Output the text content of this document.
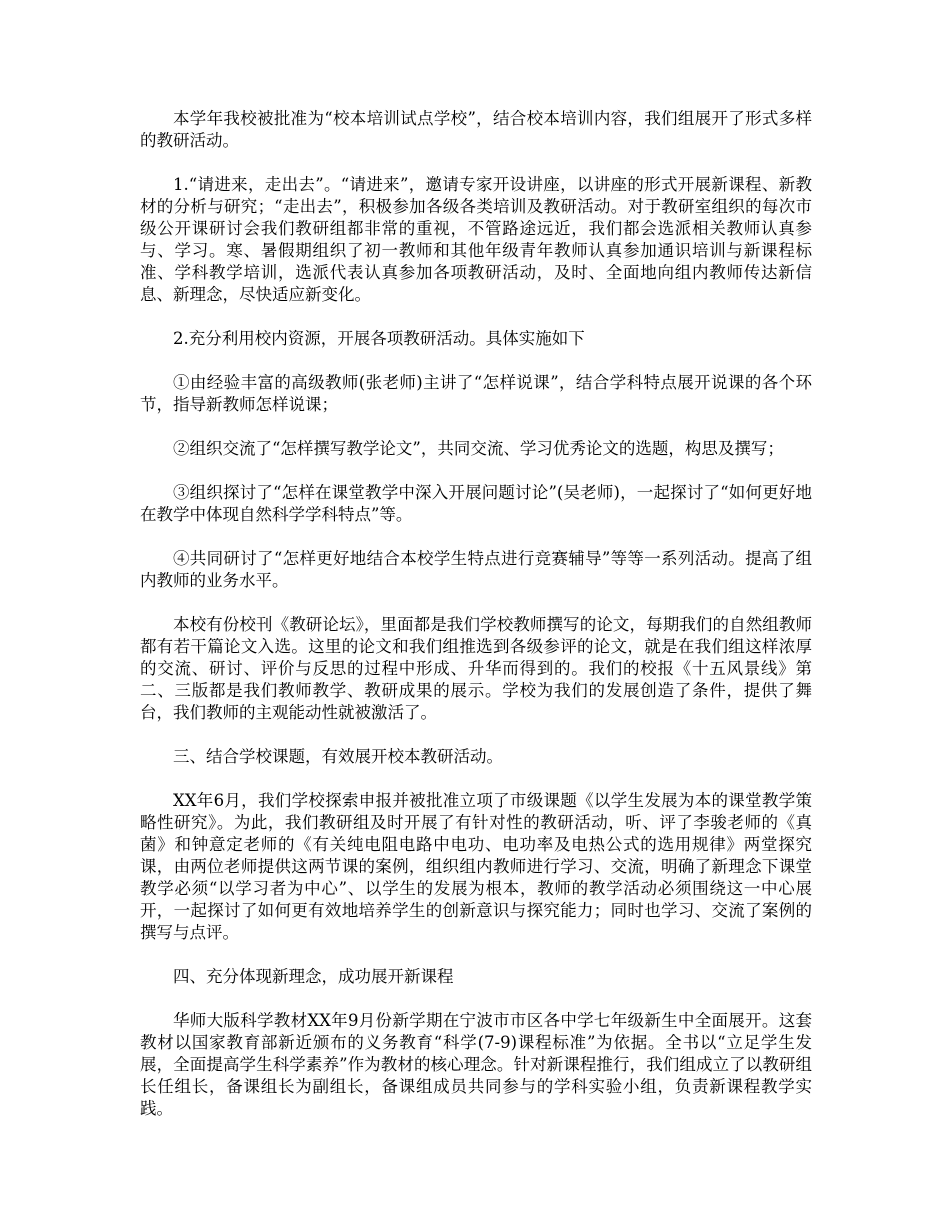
本学年我校被批准为“校本培训试点学校”，结合校本培训内容，我们组展开了形式多样的教研活动。

1.“请进来，走出去”。“请进来”，邀请专家开设讲座，以讲座的形式开展新课程、新教材的分析与研究；“走出去”，积极参加各级各类培训及教研活动。对于教研室组织的每次市级公开课研讨会我们教研组都非常的重视，不管路途远近，我们都会选派相关教师认真参与、学习。寒、暑假期组织了初一教师和其他年级青年教师认真参加通识培训与新课程标准、学科教学培训，选派代表认真参加各项教研活动，及时、全面地向组内教师传达新信息、新理念，尽快适应新变化。

2.充分利用校内资源，开展各项教研活动。具体实施如下

①由经验丰富的高级教师(张老师)主讲了“怎样说课”，结合学科特点展开说课的各个环节，指导新教师怎样说课；

②组织交流了“怎样撰写教学论文”，共同交流、学习优秀论文的选题，构思及撰写；

③组织探讨了“怎样在课堂教学中深入开展问题讨论”(吴老师)，一起探讨了“如何更好地在教学中体现自然科学学科特点”等。

④共同研讨了“怎样更好地结合本校学生特点进行竞赛辅导”等等一系列活动。提高了组内教师的业务水平。

本校有份校刊《教研论坛》，里面都是我们学校教师撰写的论文，每期我们的自然组教师都有若干篇论文入选。这里的论文和我们组推选到各级参评的论文，就是在我们组这样浓厚的交流、研讨、评价与反思的过程中形成、升华而得到的。我们的校报《十五风景线》第二、三版都是我们教师教学、教研成果的展示。学校为我们的发展创造了条件，提供了舞台，我们教师的主观能动性就被激活了。

三、结合学校课题，有效展开校本教研活动。

XX年6月，我们学校探索申报并被批准立项了市级课题《以学生发展为本的课堂教学策略性研究》。为此，我们教研组及时开展了有针对性的教研活动，听、评了李骏老师的《真菌》和钟意定老师的《有关纯电阻电路中电功、电功率及电热公式的选用规律》两堂探究课，由两位老师提供这两节课的案例，组织组内教师进行学习、交流，明确了新理念下课堂教学必须“以学习者为中心”、以学生的发展为根本，教师的教学活动必须围绕这一中心展开，一起探讨了如何更有效地培养学生的创新意识与探究能力；同时也学习、交流了案例的撰写与点评。

四、充分体现新理念，成功展开新课程

华师大版科学教材XX年9月份新学期在宁波市市区各中学七年级新生中全面展开。这套教材以国家教育部新近颁布的义务教育“科学(7-9)课程标准”为依据。全书以“立足学生发展，全面提高学生科学素养”作为教材的核心理念。针对新课程推行，我们组成立了以教研组长任组长，备课组长为副组长，备课组成员共同参与的学科实验小组，负责新课程教学实践。
